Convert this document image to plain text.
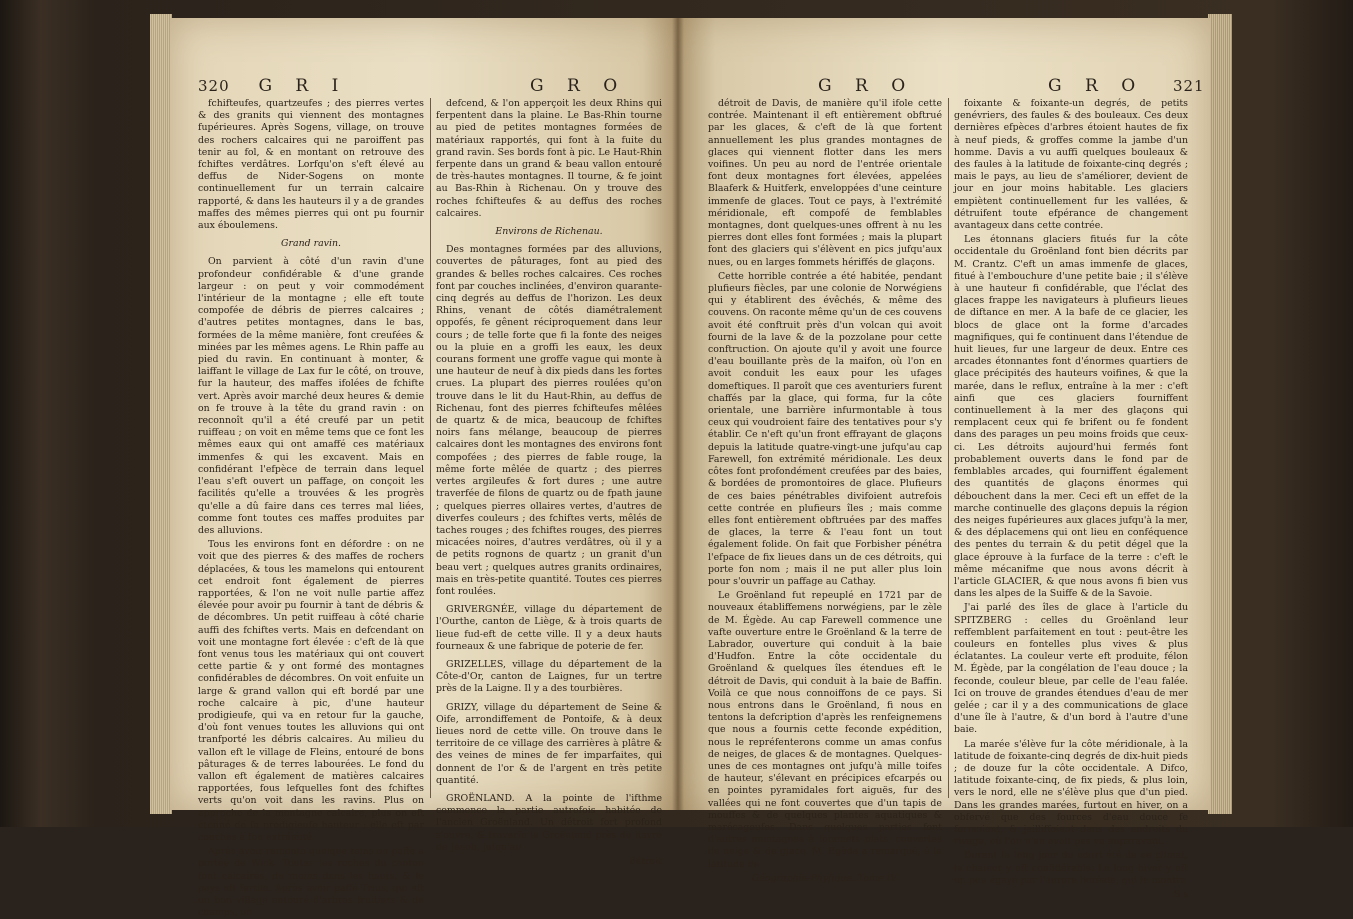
320 G R I	G R O

fchifteufes, quartzeufes ; des pierres vertes & des granits qui viennent des montagnes fupérieures. Après Sogens, village, on trouve des rochers calcaires qui ne paroiffent pas tenir au fol, & en montant on retrouve des fchiftes verdâtres. Lorfqu'on s'eft élevé au deffus de Nider-Sogens on monte continuellement fur un terrain calcaire rapporté, & dans les hauteurs il y a de grandes maffes des mêmes pierres qui ont pu fournir aux éboulemens.

Grand ravin.

On parvient à côté d'un ravin d'une profondeur confidérable & d'une grande largeur : on peut y voir commodément l'intérieur de la montagne ; elle eft toute compofée de débris de pierres calcaires ; d'autres petites montagnes, dans le bas, formées de la même manière, font creufées & minées par les mêmes agens. Le Rhin paffe au pied du ravin. En continuant à monter, & laiffant le village de Lax fur le côté, on trouve, fur la hauteur, des maffes ifolées de fchifte vert. Après avoir marché deux heures & demie on fe trouve à la tête du grand ravin : on reconnoît qu'il a été creufé par un petit ruiffeau ; on voit en même tems que ce font les mêmes eaux qui ont amaffé ces matériaux immenfes & qui les excavent. Mais en confidérant l'efpèce de terrain dans lequel l'eau s'eft ouvert un paffage, on conçoit les facilités qu'elle a trouvées & les progrès qu'elle a dû faire dans ces terres mal liées, comme font toutes ces maffes produites par des alluvions.

Tous les environs font en défordre : on ne voit que des pierres & des maffes de rochers déplacées, & tous les mamelons qui entourent cet endroit font également de pierres rapportées, & l'on ne voit nulle partie affez élevée pour avoir pu fournir à tant de débris & de décombres. Un petit ruiffeau à côté charie auffi des fchiftes verts. Mais en defcendant on voit une montagne fort élevée : c'eft de là que font venus tous les matériaux qui ont couvert cette partie & y ont formé des montagnes confidérables de décombres. On voit enfuite un large & grand vallon qui eft bordé par une roche calcaire à pic, d'une hauteur prodigieufe, qui va en retour fur la gauche, d'où font venues toutes les alluvions qui ont tranfporté les débris calcaires. Au milieu du vallon eft le village de Fleins, entouré de bons pâturages & de terres labourées. Le fond du vallon eft également de matières calcaires rapportées, fous lefquelles font des fchiftes verts qu'on voit dans les ravins. Plus on approche de la montagne calcaire, plus on eft étonné de fa prodigieufe hauteur ; elle eft par couches à fon extrémité.

Après avoir remonté quelque tems on paffe à portée de Wick. Toutes les roches du canton font calcaires, du moins dans les hauts, & le pays eft fertile. Après avoir paffé Trius, qui eft un bon village entouré d'arbres fruitiers & de champs, on

defcend, & l'on apperçoit les deux Rhins qui ferpentent dans la plaine. Le Bas-Rhin tourne au pied de petites montagnes formées de matériaux rapportés, qui font à la fuite du grand ravin. Ses bords font à pic. Le Haut-Rhin ferpente dans un grand & beau vallon entouré de très-hautes montagnes. Il tourne, & fe joint au Bas-Rhin à Richenau. On y trouve des roches fchifteufes & au deffus des roches calcaires.

Environs de Richenau.

Des montagnes formées par des alluvions, couvertes de pâturages, font au pied des grandes & belles roches calcaires. Ces roches font par couches inclinées, d'environ quarante-cinq degrés au deffus de l'horizon. Les deux Rhins, venant de côtés diamétralement oppofés, fe gênent réciproquement dans leur cours ; de telle forte que fi la fonte des neiges ou la pluie en a groffi les eaux, les deux courans forment une groffe vague qui monte à une hauteur de neuf à dix pieds dans les fortes crues. La plupart des pierres roulées qu'on trouve dans le lit du Haut-Rhin, au deffus de Richenau, font des pierres fchifteufes mêlées de quartz & de mica, beaucoup de fchiftes noirs fans mélange, beaucoup de pierres calcaires dont les montagnes des environs font compofées ; des pierres de fable rouge, la même forte mêlée de quartz ; des pierres vertes argileufes & fort dures ; une autre traverfée de filons de quartz ou de fpath jaune ; quelques pierres ollaires vertes, d'autres de diverfes couleurs ; des fchiftes verts, mêlés de taches rouges ; des fchiftes rouges, des pierres micacées noires, d'autres verdâtres, où il y a de petits rognons de quartz ; un granit d'un beau vert ; quelques autres granits ordinaires, mais en très-petite quantité. Toutes ces pierres font roulées.

GRIVERGNÉE, village du département de l'Ourthe, canton de Liège, & à trois quarts de lieue fud-eft de cette ville. Il y a deux hauts fourneaux & une fabrique de poterie de fer.

GRIZELLES, village du département de la Côte-d'Or, canton de Laignes, fur un tertre près de la Laigne. Il y a des tourbières.

GRIZY, village du département de Seine & Oife, arrondiffement de Pontoife, & à deux lieues nord de cette ville. On trouve dans le territoire de ce village des carrières à plâtre & des veines de mines de fer imparfaites, qui donnent de l'or & de l'argent en très petite quantité.

GROËNLAND. A la pointe de l'ifthme commence la partie autrefois habitée de l'ancien Groënland. Un détroit fort profond s'ouvre, & traverfe le Groënland près du havre de Jacob, jufqu'au

détroit

G R O	G R O 321

détroit de Davis, de manière qu'il ifole cette contrée. Maintenant il eft entièrement obftrué par les glaces, & c'eft de là que fortent annuellement les plus grandes montagnes de glaces qui viennent flotter dans les mers voifines. Un peu au nord de l'entrée orientale font deux montagnes fort élevées, appelées Blaaferk & Huitferk, enveloppées d'une ceinture immenfe de glaces. Tout ce pays, à l'extrémité méridionale, eft compofé de femblables montagnes, dont quelques-unes offrent à nu les pierres dont elles font formées ; mais la plupart font des glaciers qui s'élèvent en pics jufqu'aux nues, ou en larges fommets hériffés de glaçons.

Cette horrible contrée a été habitée, pendant plufieurs fiècles, par une colonie de Norwégiens qui y établirent des évêchés, & même des couvens. On raconte même qu'un de ces couvens avoit été conftruit près d'un volcan qui avoit fourni de la lave & de la pozzolane pour cette conftruction. On ajoute qu'il y avoit une fource d'eau bouillante près de la maifon, où l'on en avoit conduit les eaux pour les ufages domeftiques. Il paroît que ces aventuriers furent chaffés par la glace, qui forma, fur la côte orientale, une barrière infurmontable à tous ceux qui voudroient faire des tentatives pour s'y établir. Ce n'eft qu'un front effrayant de glaçons depuis la latitude quatre-vingt-une jufqu'au cap Farewell, fon extrémité méridionale. Les deux côtes font profondément creufées par des baies, & bordées de promontoires de glace. Plufieurs de ces baies pénétrables divifoient autrefois cette contrée en plufieurs îles ; mais comme elles font entièrement obftruées par des maffes de glaces, la terre & l'eau font un tout également folide. On fait que Forbisher pénétra l'efpace de fix lieues dans un de ces détroits, qui porte fon nom ; mais il ne put aller plus loin pour s'ouvrir un paffage au Cathay.

Le Groënland fut repeuplé en 1721 par de nouveaux établiffemens norwégiens, par le zèle de M. Égède. Au cap Farewell commence une vafte ouverture entre le Groënland & la terre de Labrador, ouverture qui conduit à la baie d'Hudfon. Entre la côte occidentale du Groënland & quelques îles étendues eft le détroit de Davis, qui conduit à la baie de Baffin. Voilà ce que nous connoiffons de ce pays. Si nous entrons dans le Groënland, fi nous en tentons la defcription d'après les renfeignemens que nous a fournis cette feconde expédition, nous le repréfenterons comme un amas confus de neiges, de glaces & de montagnes. Quelques-unes de ces montagnes ont jufqu'à mille toifes de hauteur, s'élevant en précipices efcarpés ou en pointes pyramidales fort aiguës, fur des vallées qui ne font couvertes que d'un tapis de mouffes & de quelques plantes aquatiques & marécageufes. Dans quelques parties font d'autres montagnes à fommets plats, couvertes de neige & de glace. M. Égède a remarqué, à la latitude de

Géographie-Phyfique. Tome IV.

foixante & foixante-un degrés, de petits genévriers, des faules & des bouleaux. Ces deux dernières efpèces d'arbres étoient hautes de fix à neuf pieds, & groffes comme la jambe d'un homme. Davis a vu auffi quelques bouleaux & des faules à la latitude de foixante-cinq degrés ; mais le pays, au lieu de s'améliorer, devient de jour en jour moins habitable. Les glaciers empiètent continuellement fur les vallées, & détruifent toute efpérance de changement avantageux dans cette contrée.

Les étonnans glaciers fitués fur la côte occidentale du Groënland font bien décrits par M. Crantz. C'eft un amas immenfe de glaces, fitué à l'embouchure d'une petite baie ; il s'élève à une hauteur fi confidérable, que l'éclat des glaces frappe les navigateurs à plufieurs lieues de diftance en mer. A la bafe de ce glacier, les blocs de glace ont la forme d'arcades magnifiques, qui fe continuent dans l'étendue de huit lieues, fur une largeur de deux. Entre ces arcades étonnantes font d'énormes quartiers de glace précipités des hauteurs voifines, & que la marée, dans le reflux, entraîne à la mer : c'eft ainfi que ces glaciers fourniffent continuellement à la mer des glaçons qui remplacent ceux qui fe brifent ou fe fondent dans des parages un peu moins froids que ceux-ci. Les détroits aujourd'hui fermés font probablement ouverts dans le fond par de femblables arcades, qui fourniffent également des quantités de glaçons énormes qui débouchent dans la mer. Ceci eft un effet de la marche continuelle des glaçons depuis la région des neiges fupérieures aux glaces jufqu'à la mer, & des déplacemens qui ont lieu en conféquence des pentes du terrain & du petit dégel que la glace éprouve à la furface de la terre : c'eft le même mécanifme que nous avons décrit à l'article GLACIER, & que nous avons fi bien vus dans les alpes de la Suiffe & de la Savoie.

J'ai parlé des îles de glace à l'article du SPITZBERG : celles du Groënland leur reffemblent parfaitement en tout : peut-être les couleurs en fontelles plus vives & plus éclatantes. La couleur verte eft produite, félon M. Égède, par la congélation de l'eau douce ; la feconde, couleur bleue, par celle de l'eau falée. Ici on trouve de grandes étendues d'eau de mer gelée ; car il y a des communications de glace d'une île à l'autre, & d'un bord à l'autre d'une baie.

La marée s'élève fur la côte méridionale, à la latitude de foixante-cinq degrés de dix-huit pieds ; de douze fur la côte occidentale. A Difco, latitude foixante-cinq, de fix pieds, & plus loin, vers le nord, elle ne s'élève plus que d'un pied. Dans les grandes marées, furtout en hiver, on a obfervé que des fources d'eau douce fe formoient, & jailliffoient dans des endroits du rivage, où l'on n'en avoit pas vu auparavant.

Durant le long jour du court été de ce climat, la chaleur y eft confidérable. Le long hiver y eft un peu égayé par l'aurore boréale, qui fe montre

S s
